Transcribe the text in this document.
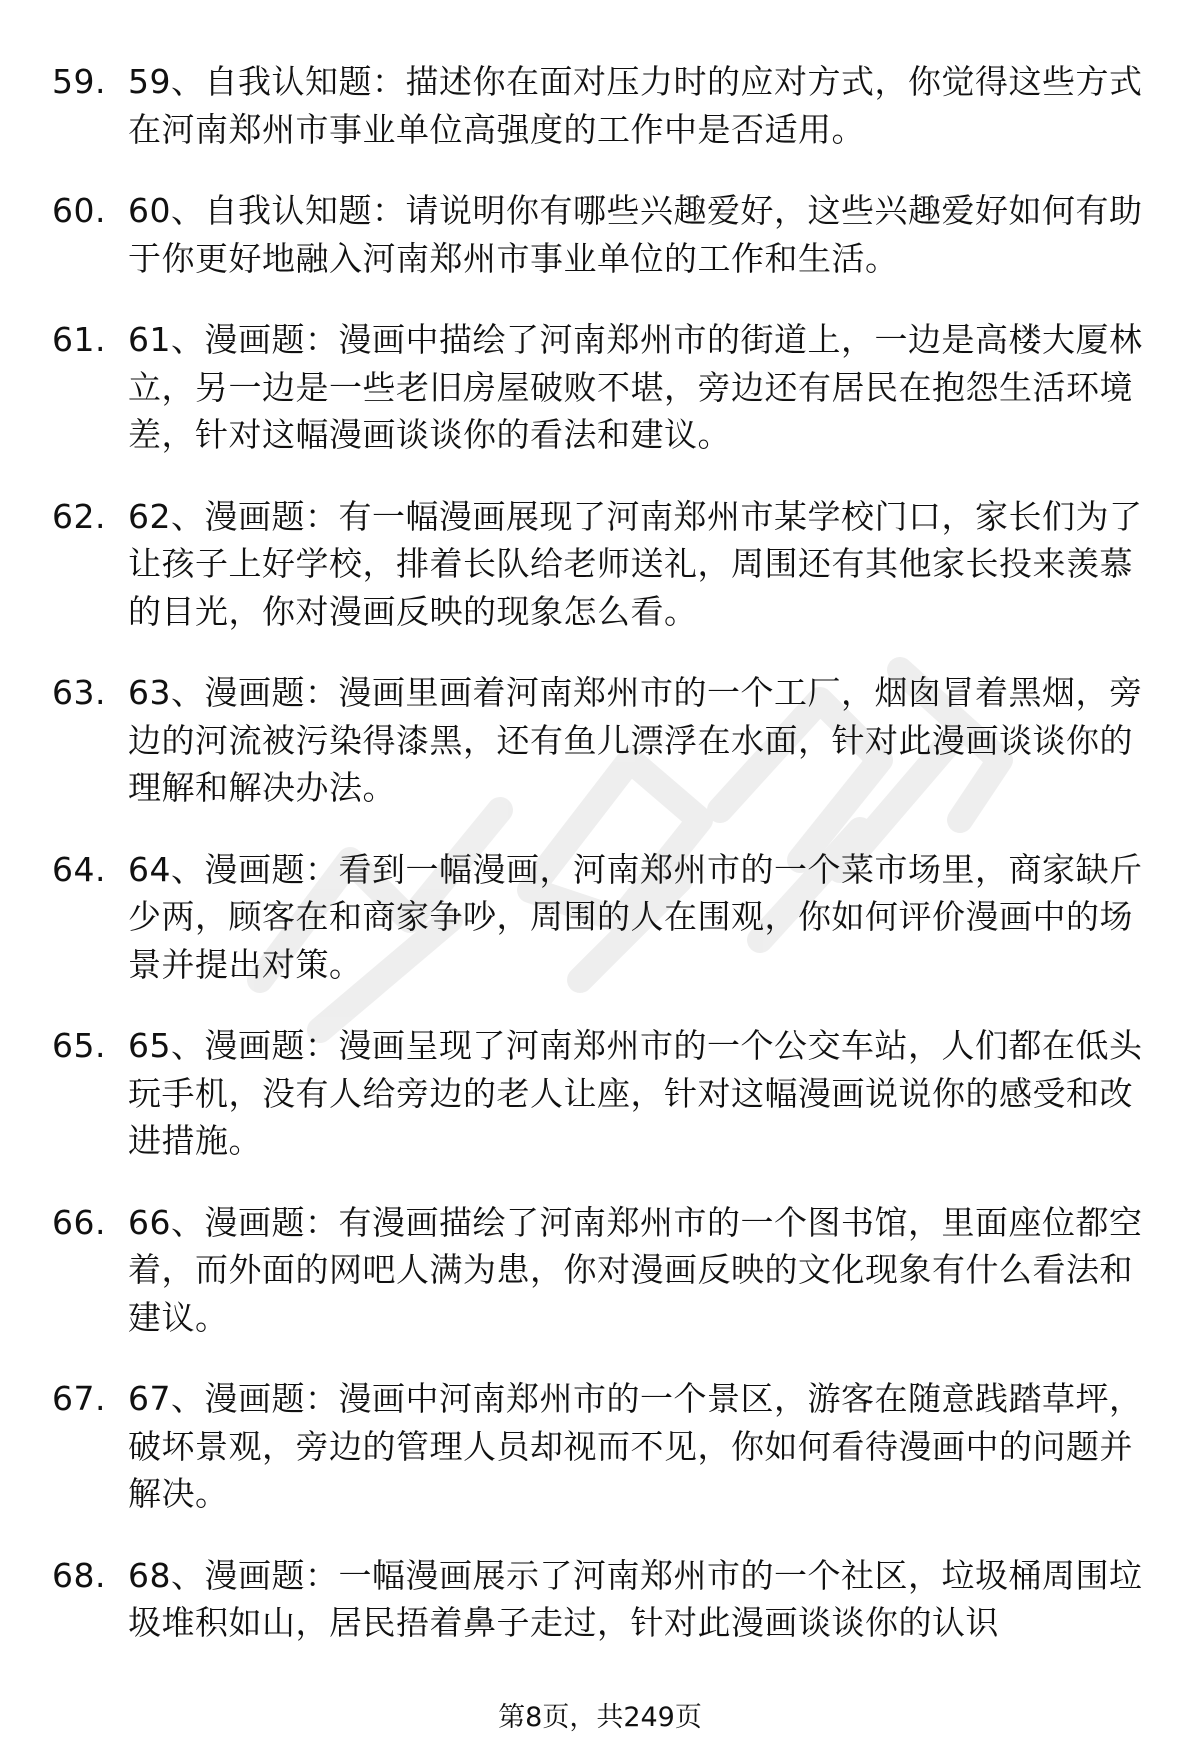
59. 59、自我认知题：描述你在面对压力时的应对方式，你觉得这些方式在河南郑州市事业单位高强度的工作中是否适用。
60. 60、自我认知题：请说明你有哪些兴趣爱好，这些兴趣爱好如何有助于你更好地融入河南郑州市事业单位的工作和生活。
61. 61、漫画题：漫画中描绘了河南郑州市的街道上，一边是高楼大厦林立，另一边是一些老旧房屋破败不堪，旁边还有居民在抱怨生活环境差，针对这幅漫画谈谈你的看法和建议。
62. 62、漫画题：有一幅漫画展现了河南郑州市某学校门口，家长们为了让孩子上好学校，排着长队给老师送礼，周围还有其他家长投来羡慕的目光，你对漫画反映的现象怎么看。
63. 63、漫画题：漫画里画着河南郑州市的一个工厂，烟囱冒着黑烟，旁边的河流被污染得漆黑，还有鱼儿漂浮在水面，针对此漫画谈谈你的理解和解决办法。
64. 64、漫画题：看到一幅漫画，河南郑州市的一个菜市场里，商家缺斤少两，顾客在和商家争吵，周围的人在围观，你如何评价漫画中的场景并提出对策。
65. 65、漫画题：漫画呈现了河南郑州市的一个公交车站，人们都在低头玩手机，没有人给旁边的老人让座，针对这幅漫画说说你的感受和改进措施。
66. 66、漫画题：有漫画描绘了河南郑州市的一个图书馆，里面座位都空着，而外面的网吧人满为患，你对漫画反映的文化现象有什么看法和建议。
67. 67、漫画题：漫画中河南郑州市的一个景区，游客在随意践踏草坪，破坏景观，旁边的管理人员却视而不见，你如何看待漫画中的问题并解决。
68. 68、漫画题：一幅漫画展示了河南郑州市的一个社区，垃圾桶周围垃圾堆积如山，居民捂着鼻子走过，针对此漫画谈谈你的认识
第8页，共249页
